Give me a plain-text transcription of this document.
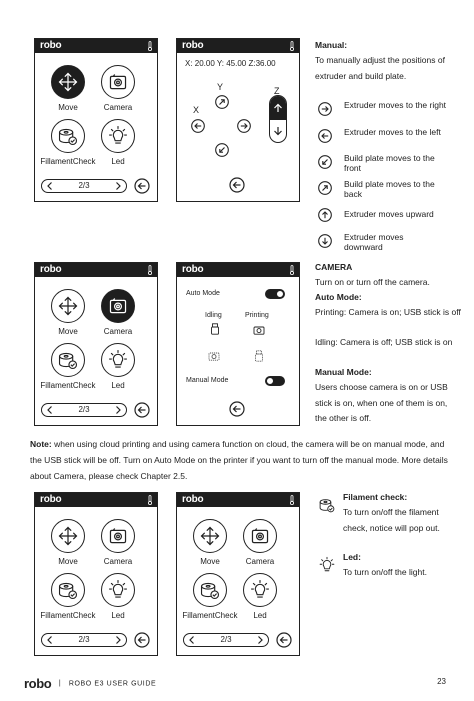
robo
Move	Camera
FillamentCheck	Led
2/3
robo
X: 20.00 Y: 45.00 Z:36.00
Y
X
Z
Manual:
To manually adjust the positions of extruder and build plate.
Extruder moves to the right
Extruder moves to the left
Build plate moves to the front
Build plate moves to the back
Extruder moves upward
Extruder moves downward
robo
Move	Camera
FillamentCheck	Led
2/3
robo
Auto Mode
Idling	Printing
Manual Mode
CAMERA
Turn on or turn off the camera.
Auto Mode:
Printing: Camera is on; USB stick is off
Idling: Camera is off; USB stick is on
Manual Mode:
Users choose camera is on or USB stick is on, when one of them is on, the other is off.
Note: when using cloud printing and using camera function on cloud, the camera will be on manual mode, and the USB stick will be off. Turn on Auto Mode on the printer if you want to turn off the manual mode. More details about Camera, please check Chapter 2.5.
robo
Move	Camera
FillamentCheck	Led
2/3
robo
Move	Camera
FillamentCheck	Led
2/3
Filament check:
To turn on/off the filament check, notice will pop out.
Led:
To turn on/off the light.
robo | ROBO E3 USER GUIDE	23
